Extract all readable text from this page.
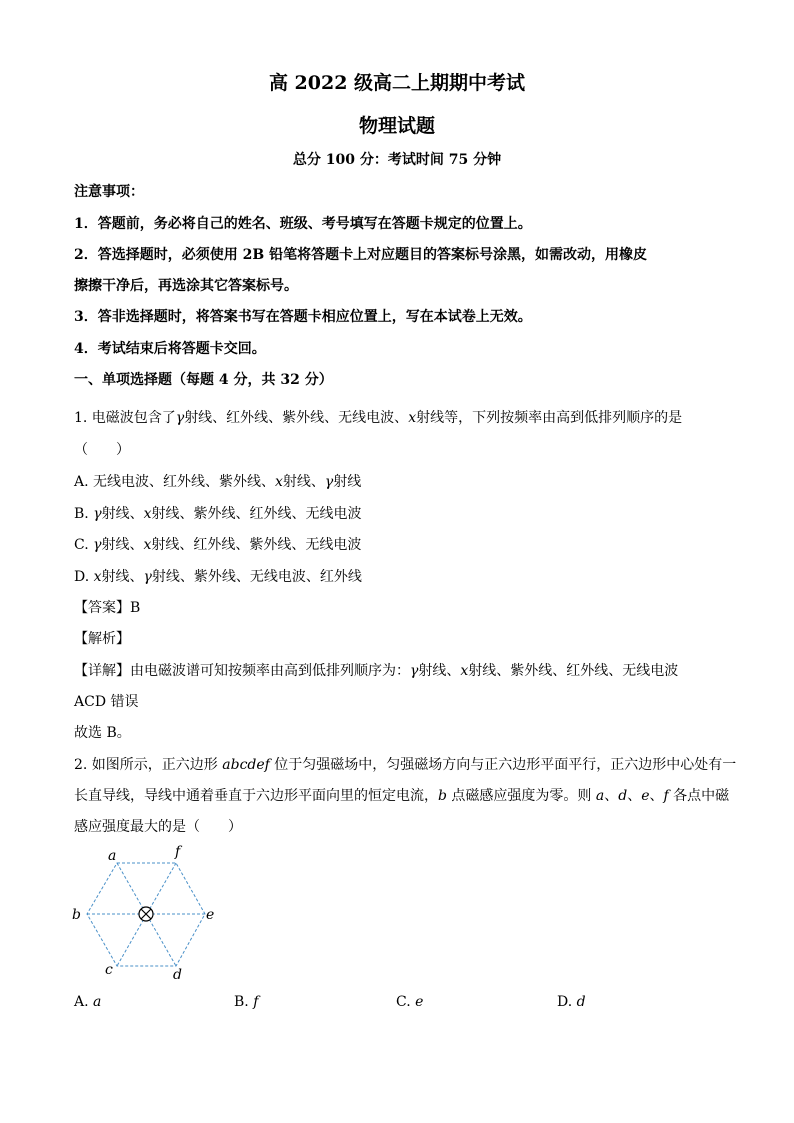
高 2022 级高二上期期中考试
物理试题
总分 100 分：考试时间 75 分钟
注意事项：
1．答题前，务必将自己的姓名、班级、考号填写在答题卡规定的位置上。
2．答选择题时，必须使用 2B 铅笔将答题卡上对应题目的答案标号涂黑，如需改动，用橡皮
擦擦干净后，再选涂其它答案标号。
3．答非选择题时，将答案书写在答题卡相应位置上，写在本试卷上无效。
4．考试结束后将答题卡交回。
一、单项选择题（每题 4 分，共 32 分）
1. 电磁波包含了γ射线、红外线、紫外线、无线电波、x射线等，下列按频率由高到低排列顺序的是
（　　）
A. 无线电波、红外线、紫外线、x射线、γ射线
B. γ射线、x射线、紫外线、红外线、无线电波
C. γ射线、x射线、红外线、紫外线、无线电波
D. x射线、γ射线、紫外线、无线电波、红外线
【答案】B
【解析】
【详解】由电磁波谱可知按频率由高到低排列顺序为：γ射线、x射线、紫外线、红外线、无线电波
ACD 错误
故选 B。
2. 如图所示，正六边形 abcdef 位于匀强磁场中，匀强磁场方向与正六边形平面平行，正六边形中心处有一
长直导线，导线中通着垂直于六边形平面向里的恒定电流，b 点磁感应强度为零。则 a、d、e、f 各点中磁
感应强度最大的是（　　）
a	f
b	e
c	d
A. a	B. f	C. e	D. d
